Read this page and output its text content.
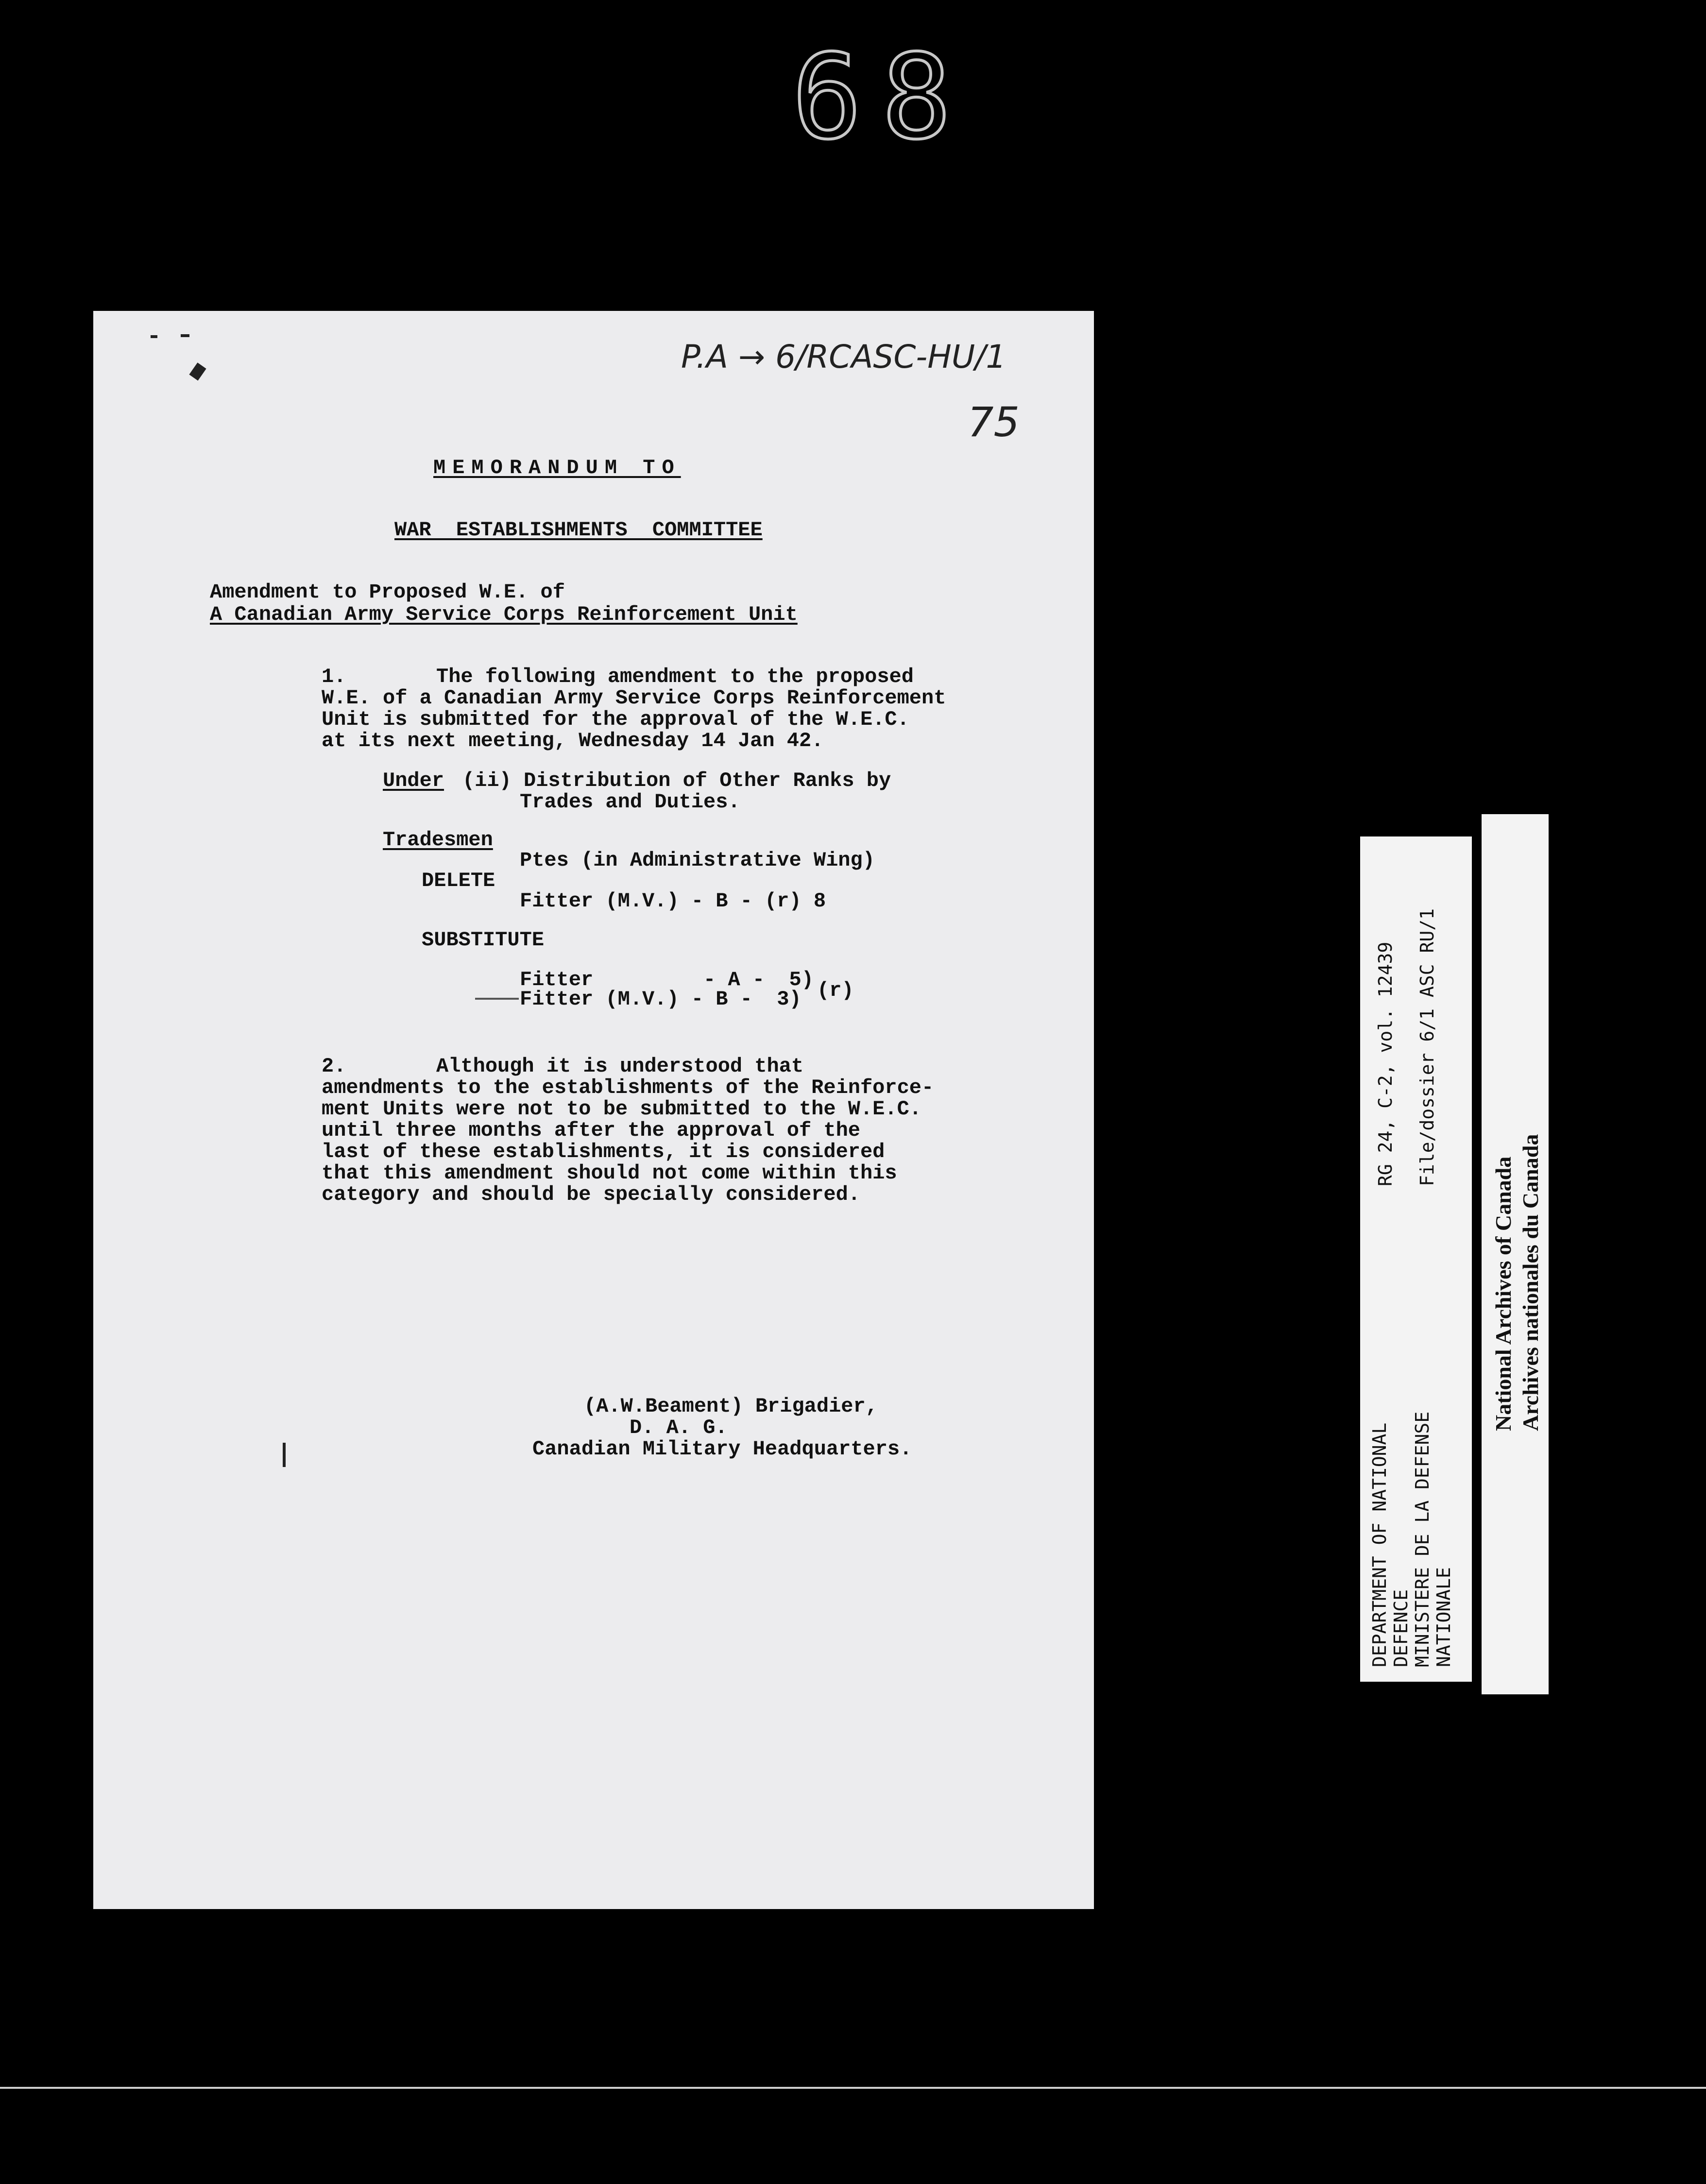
68
P.A → 6/RCASC-HU/1
75
MEMORANDUM TO
WAR ESTABLISHMENTS COMMITTEE
Amendment to Proposed W.E. of
A Canadian Army Service Corps Reinforcement Unit
1.	The following amendment to the proposed
W.E. of a Canadian Army Service Corps Reinforcement
Unit is submitted for the approval of the W.E.C.
at its next meeting, Wednesday 14 Jan 42.
Under (ii) Distribution of Other Ranks by
Trades and Duties.
Tradesmen
Ptes (in Administrative Wing)
DELETE
Fitter (M.V.) - B - (r) 8
SUBSTITUTE
Fitter         - A -  5)
Fitter (M.V.) - B -  3) (r)
2.	Although it is understood that
amendments to the establishments of the Reinforce-
ment Units were not to be submitted to the W.E.C.
until three months after the approval of the
last of these establishments, it is considered
that this amendment should not come within this
category and should be specially considered.
(A.W.Beament) Brigadier,
D. A. G.
Canadian Military Headquarters.	DEPARTMENT OF NATIONAL DEFENCE MINISTERE DE LA DEFENSE NATIONALE
RG 24, C-2, vol. 12439 File/dossier 6/1 ASC RU/1
National Archives of Canada Archives nationales du Canada
